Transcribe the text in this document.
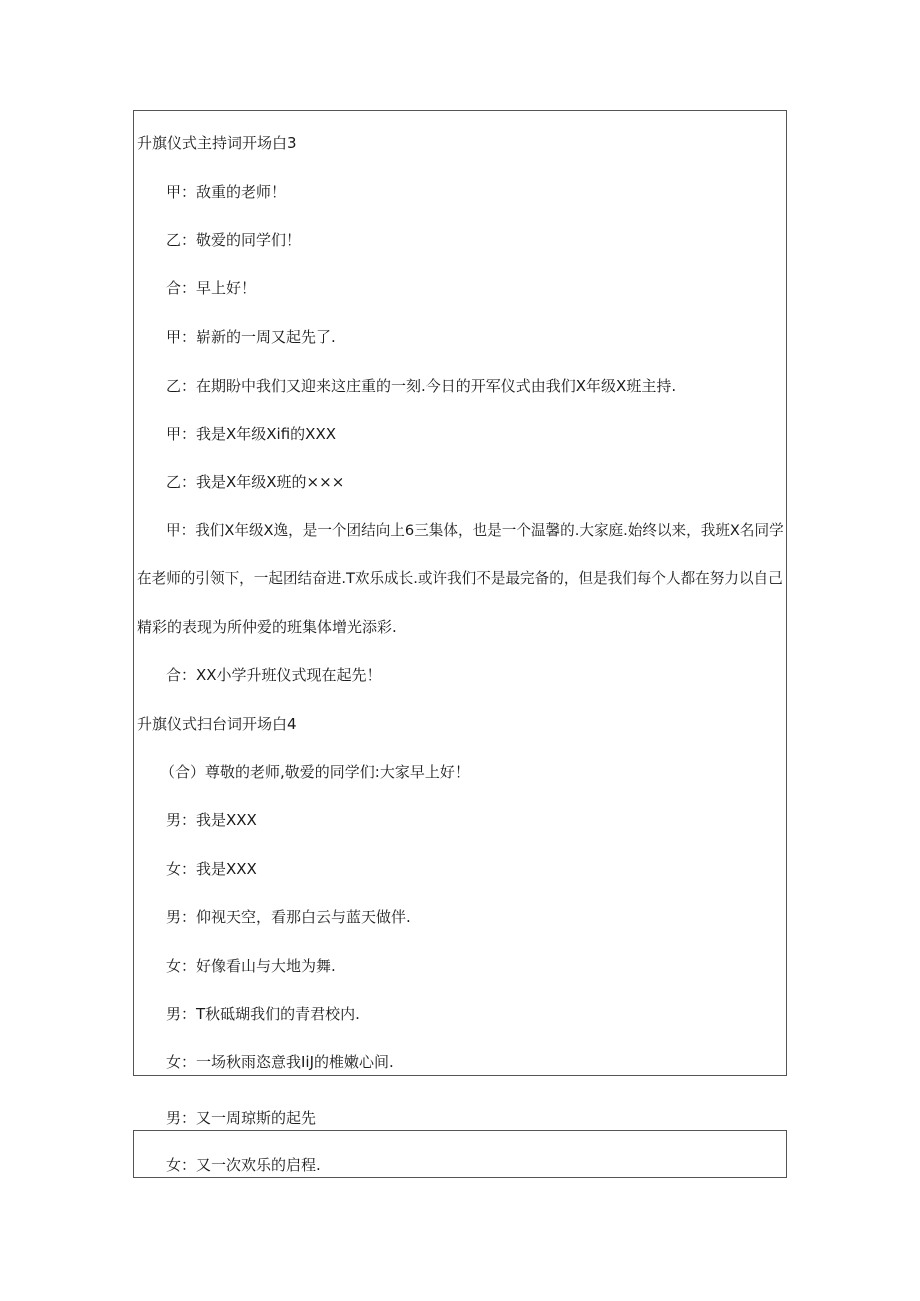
升旗仪式主持词开场白3
甲：敌重的老师！
乙：敬爱的同学们！
合：早上好！
甲：崭新的一周又起先了.
乙：在期盼中我们又迎来这庄重的一刻.今日的开军仪式由我们X年级X班主持.
甲：我是X年级Xifi的XXX
乙：我是X年级X班的×××
甲：我们X年级X逸，是一个团结向上6三集体，也是一个温馨的.大家庭.始终以来，我班X名同学
在老师的引领下，一起团结奋进.T欢乐成长.或许我们不是最完备的，但是我们每个人都在努力以自己
精彩的表现为所仲爱的班集体增光添彩.
合：XX小学升班仪式现在起先！
升旗仪式扫台词开场白4
（合）尊敬的老师,敬爱的同学们:大家早上好！
男：我是XXX
女：我是XXX
男：仰视天空，看那白云与蓝天做伴.
女：好像看山与大地为舞.
男：T秋砥瑚我们的青君校内.
女：一场秋雨恣意我IiJ的椎嫩心间.
男：又一周琼斯的起先
女：又一次欢乐的启程.
